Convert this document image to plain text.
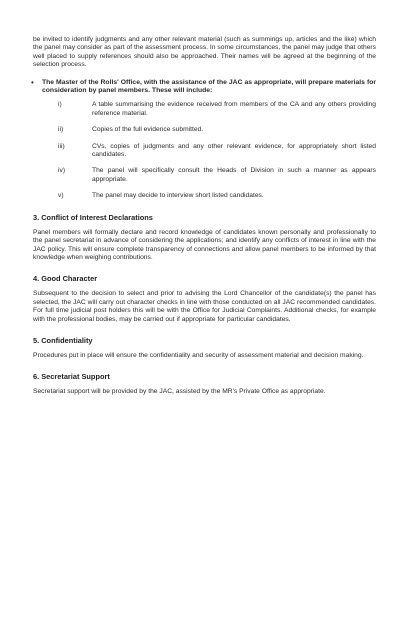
be invited to identify judgments and any other relevant material (such as summings up, articles and the like) which the panel may consider as part of the assessment process. In some circumstances, the panel may judge that others well placed to supply references should also be approached. Their names will be agreed at the beginning of the selection process.

• The Master of the Rolls' Office, with the assistance of the JAC as appropriate, will prepare materials for consideration by panel members. These will include:

i)	A table summarising the evidence received from members of the CA and any others providing reference material.
ii)	Copies of the full evidence submitted.
iii)	CVs, copies of judgments and any other relevant evidence, for appropriately short listed candidates.
iv)	The panel will specifically consult the Heads of Division in such a manner as appears appropriate.
v)	The panel may decide to interview short listed candidates.

3. Conflict of Interest Declarations

Panel members will formally declare and record knowledge of candidates known personally and professionally to the panel secretariat in advance of considering the applications; and identify any conflicts of interest in line with the JAC policy. This will ensure complete transparency of connections and allow panel members to be informed by that knowledge when weighing contributions.

4. Good Character

Subsequent to the decision to select and prior to advising the Lord Chancellor of the candidate(s) the panel has selected, the JAC will carry out character checks in line with those conducted on all JAC recommended candidates. For full time judicial post holders this will be with the Office for Judicial Complaints. Additional checks, for example with the professional bodies, may be carried out if appropriate for particular candidates.

5. Confidentiality

Procedures put in place will ensure the confidentiality and security of assessment material and decision making.

6. Secretariat Support

Secretariat support will be provided by the JAC, assisted by the MR's Private Office as appropriate.
